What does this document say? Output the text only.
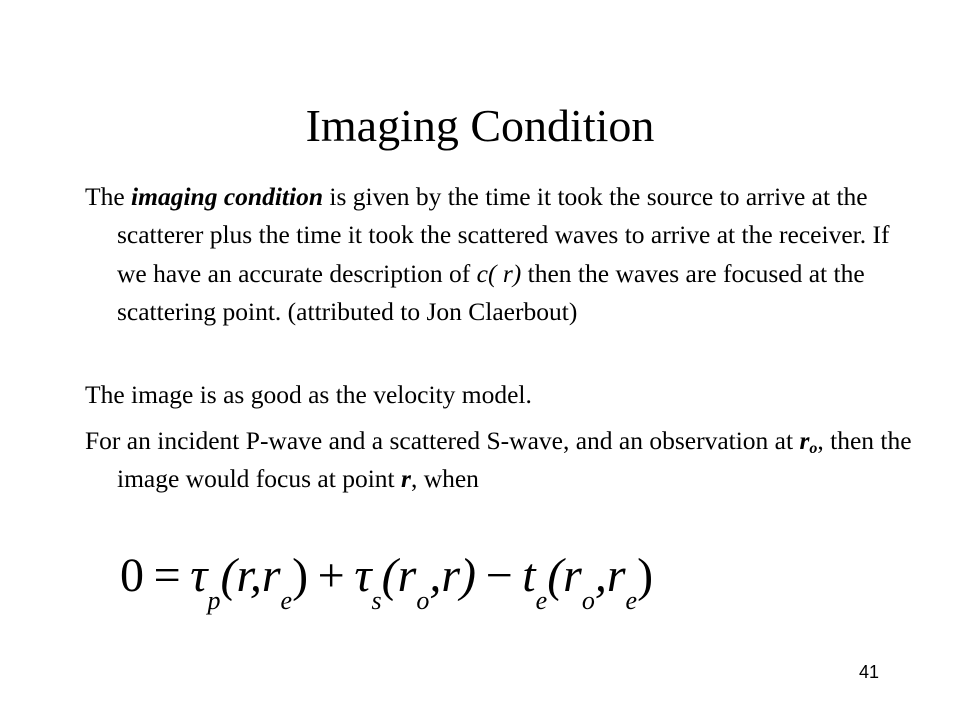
Imaging Condition

The imaging condition is given by the time it took the source to arrive at the scatterer plus the time it took the scattered waves to arrive at the receiver. If we have an accurate description of c( r) then the waves are focused at the scattering point. (attributed to Jon Claerbout)

The image is as good as the velocity model.

For an incident P-wave and a scattered S-wave, and an observation at $r_o$, then the image would focus at point r, when

$0 = \tau_p(r,r_e) + \tau_s(r_o,r) - t_e(r_o,r_e)$
41
